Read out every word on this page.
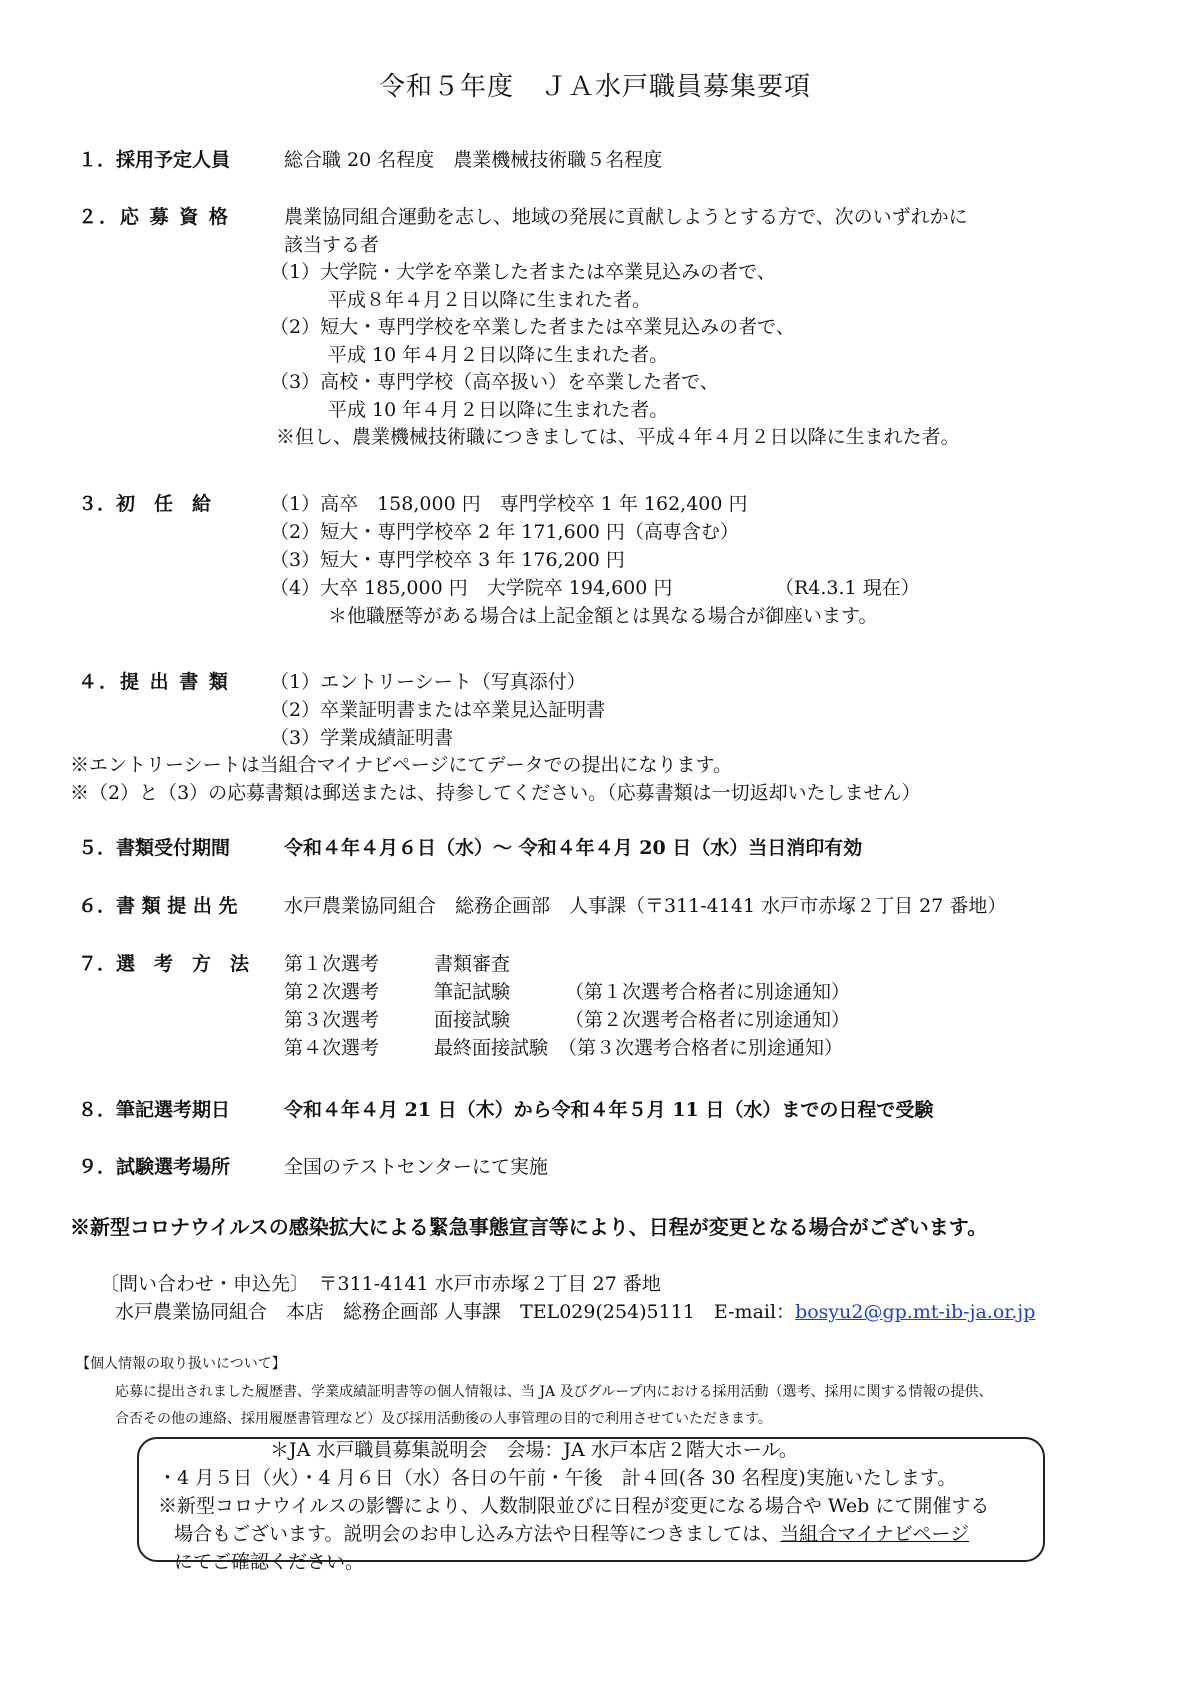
令和５年度　ＪＡ水戸職員募集要項
１．採用予定人員	総合職 20 名程度　農業機械技術職５名程度
２．応 募 資 格	農業協同組合運動を志し、地域の発展に貢献しようとする方で、次のいずれかに
該当する者
（1）大学院・大学を卒業した者または卒業見込みの者で、
平成８年４月２日以降に生まれた者。
（2）短大・専門学校を卒業した者または卒業見込みの者で、
平成 10 年４月２日以降に生まれた者。
（3）高校・専門学校（高卒扱い）を卒業した者で、
平成 10 年４月２日以降に生まれた者。
※但し、農業機械技術職につきましては、平成４年４月２日以降に生まれた者。
３．初　任　給	（1）高卒　158,000 円　専門学校卒 1 年 162,400 円
（2）短大・専門学校卒 2 年 171,600 円（高専含む）
（3）短大・専門学校卒 3 年 176,200 円
（4）大卒 185,000 円　大学院卒 194,600 円	（R4.3.1 現在）
＊他職歴等がある場合は上記金額とは異なる場合が御座います。
４．提 出 書 類 （1）エントリーシート（写真添付）
（2）卒業証明書または卒業見込証明書
（3）学業成績証明書
※エントリーシートは当組合マイナビページにてデータでの提出になります。
※（2）と（3）の応募書類は郵送または、持参してください。（応募書類は一切返却いたしません）
５．書類受付期間	令和４年４月６日（水）～ 令和４年４月 20 日（水）当日消印有効
６．書 類 提 出 先 水戸農業協同組合　総務企画部　人事課（〒311-4141 水戸市赤塚２丁目 27 番地）
７．選　考　方　法 第１次選考	書類審査
第２次選考	筆記試験	（第１次選考合格者に別途通知）
第３次選考	面接試験	（第２次選考合格者に別途通知）
第４次選考	最終面接試験 （第３次選考合格者に別途通知）
８．筆記選考期日	令和４年４月 21 日（木）から令和４年５月 11 日（水）までの日程で受験
９．試験選考場所	全国のテストセンターにて実施
※新型コロナウイルスの感染拡大による緊急事態宣言等により、日程が変更となる場合がございます。
〔問い合わせ・申込先〕　〒311-4141 水戸市赤塚２丁目 27 番地
水戸農業協同組合　本店　総務企画部 人事課　TEL029(254)5111　E-mail：bosyu2@gp.mt-ib-ja.or.jp
【個人情報の取り扱いについて】
応募に提出されました履歴書、学業成績証明書等の個人情報は、当 JA 及びグループ内における採用活動（選考、採用に関する情報の提供、
合否その他の連絡、採用履歴書管理など）及び採用活動後の人事管理の目的で利用させていただきます。
＊JA 水戸職員募集説明会　会場：JA 水戸本店２階大ホール。
・4 月５日（火）・4 月６日（水）各日の午前・午後　計４回(各 30 名程度)実施いたします。
※新型コロナウイルスの影響により、人数制限並びに日程が変更になる場合や Web にて開催する
場合もございます。説明会のお申し込み方法や日程等につきましては、当組合マイナビページ
にてご確認ください。
